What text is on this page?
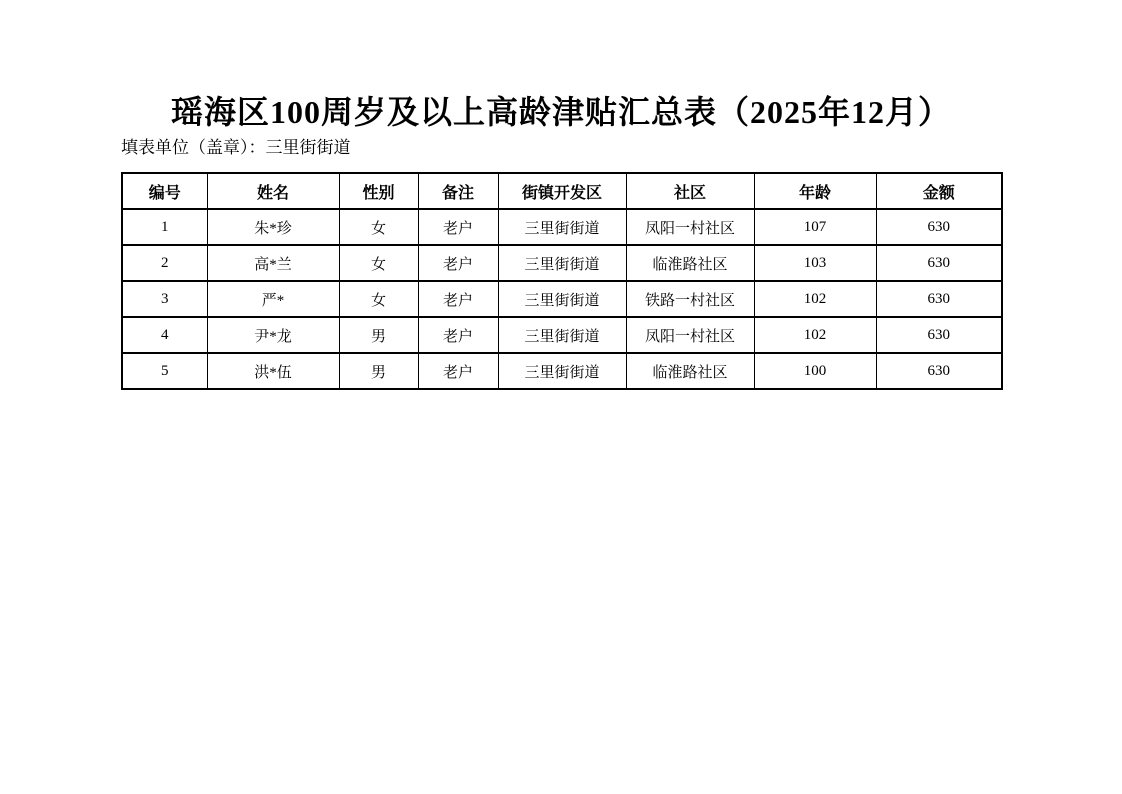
瑶海区100周岁及以上高龄津贴汇总表（2025年12月）
填表单位（盖章）：三里街街道
编号	姓名	性别	备注	街镇开发区	社区	年龄	金额
1	朱*珍	女	老户	三里街街道	凤阳一村社区	107	630
2	高*兰	女	老户	三里街街道	临淮路社区	103	630
3	严*	女	老户	三里街街道	铁路一村社区	102	630
4	尹*龙	男	老户	三里街街道	凤阳一村社区	102	630
5	洪*伍	男	老户	三里街街道	临淮路社区	100	630
